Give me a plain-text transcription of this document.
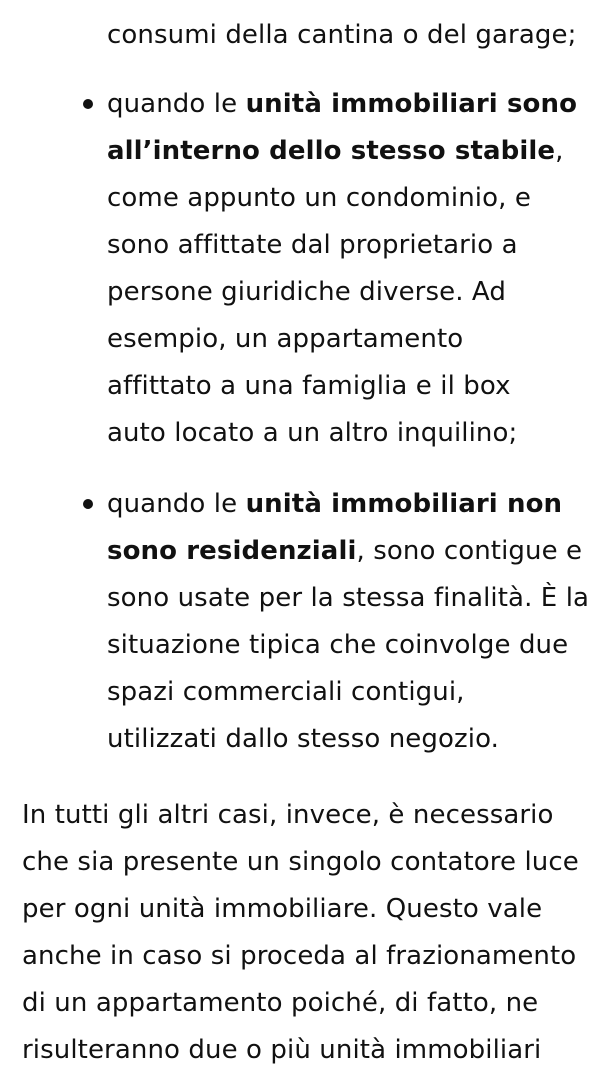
consumi della cantina o del garage;
quando le unità immobiliari sono
all’interno dello stesso stabile,
come appunto un condominio, e
sono affittate dal proprietario a
persone giuridiche diverse. Ad
esempio, un appartamento
affittato a una famiglia e il box
auto locato a un altro inquilino;
quando le unità immobiliari non
sono residenziali, sono contigue e
sono usate per la stessa finalità. È la
situazione tipica che coinvolge due
spazi commerciali contigui,
utilizzati dallo stesso negozio.
In tutti gli altri casi, invece, è necessario
che sia presente un singolo contatore luce
per ogni unità immobiliare. Questo vale
anche in caso si proceda al frazionamento
di un appartamento poiché, di fatto, ne
risulteranno due o più unità immobiliari
